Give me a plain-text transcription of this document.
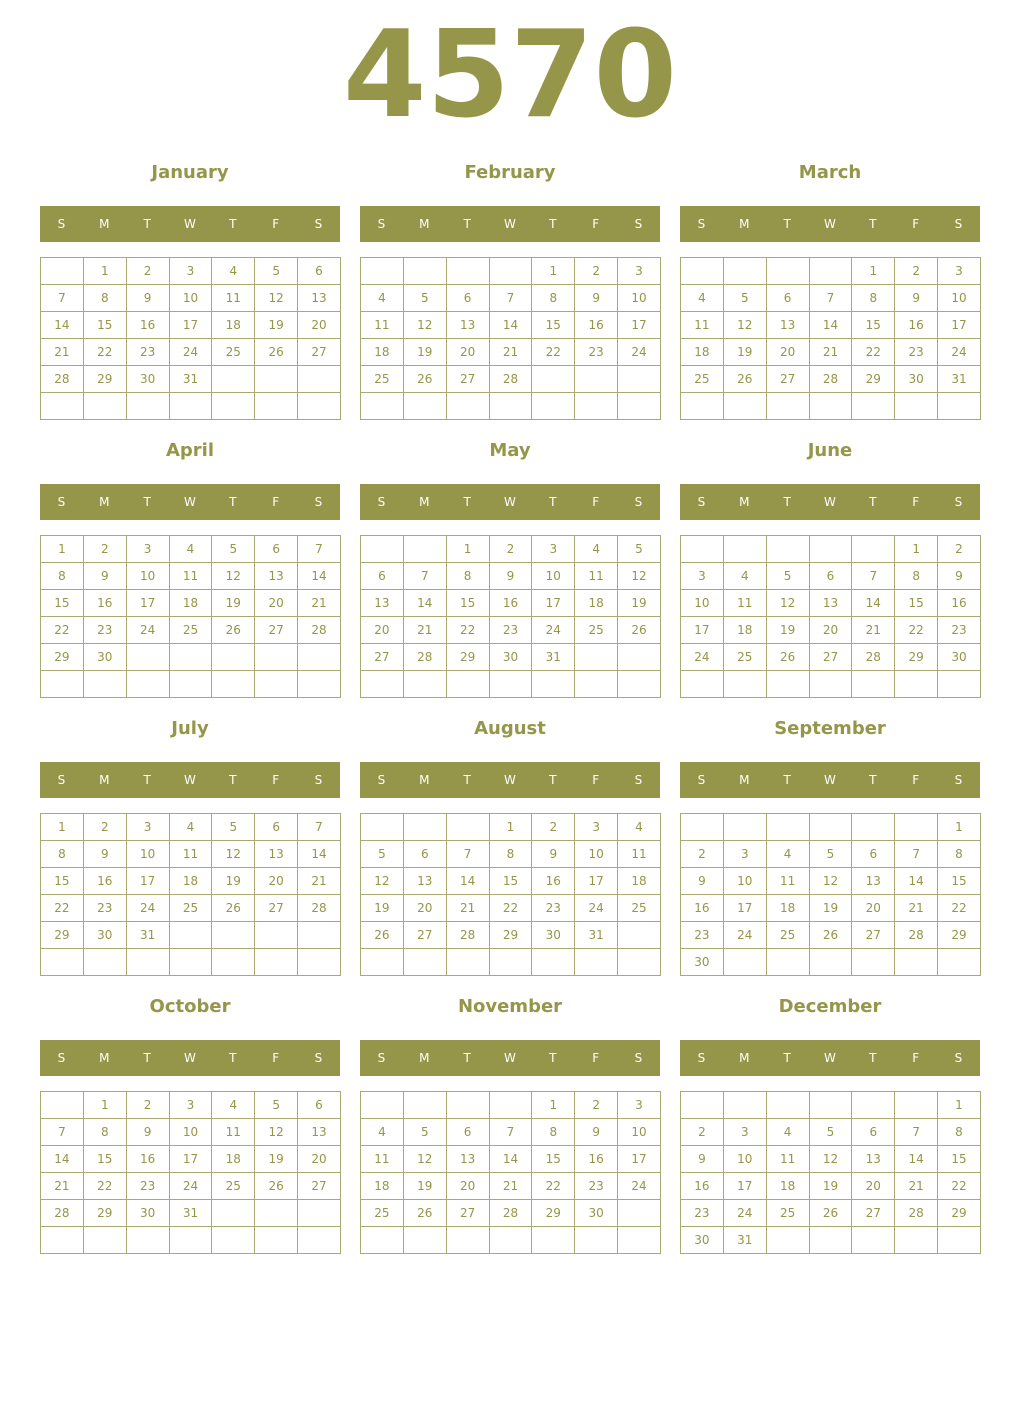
4570
January
S	M	T	W	T	F	S
	1	2	3	4	5	6
7	8	9	10	11	12	13
14	15	16	17	18	19	20
21	22	23	24	25	26	27
28	29	30	31			

February
S	M	T	W	T	F	S
				1	2	3
4	5	6	7	8	9	10
11	12	13	14	15	16	17
18	19	20	21	22	23	24
25	26	27	28			

March
S	M	T	W	T	F	S
				1	2	3
4	5	6	7	8	9	10
11	12	13	14	15	16	17
18	19	20	21	22	23	24
25	26	27	28	29	30	31

April
S	M	T	W	T	F	S
1	2	3	4	5	6	7
8	9	10	11	12	13	14
15	16	17	18	19	20	21
22	23	24	25	26	27	28
29	30					

May
S	M	T	W	T	F	S
		1	2	3	4	5
6	7	8	9	10	11	12
13	14	15	16	17	18	19
20	21	22	23	24	25	26
27	28	29	30	31		

June
S	M	T	W	T	F	S
					1	2
3	4	5	6	7	8	9
10	11	12	13	14	15	16
17	18	19	20	21	22	23
24	25	26	27	28	29	30

July
S	M	T	W	T	F	S
1	2	3	4	5	6	7
8	9	10	11	12	13	14
15	16	17	18	19	20	21
22	23	24	25	26	27	28
29	30	31				

August
S	M	T	W	T	F	S
			1	2	3	4
5	6	7	8	9	10	11
12	13	14	15	16	17	18
19	20	21	22	23	24	25
26	27	28	29	30	31	

September
S	M	T	W	T	F	S
						1
2	3	4	5	6	7	8
9	10	11	12	13	14	15
16	17	18	19	20	21	22
23	24	25	26	27	28	29
30						
October
S	M	T	W	T	F	S
	1	2	3	4	5	6
7	8	9	10	11	12	13
14	15	16	17	18	19	20
21	22	23	24	25	26	27
28	29	30	31			

November
S	M	T	W	T	F	S
				1	2	3
4	5	6	7	8	9	10
11	12	13	14	15	16	17
18	19	20	21	22	23	24
25	26	27	28	29	30	

December
S	M	T	W	T	F	S
						1
2	3	4	5	6	7	8
9	10	11	12	13	14	15
16	17	18	19	20	21	22
23	24	25	26	27	28	29
30	31					
